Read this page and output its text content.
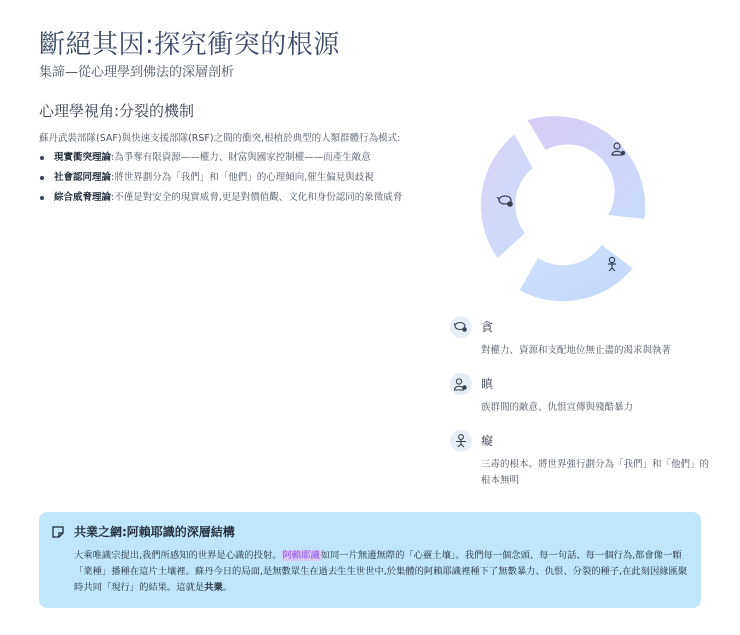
斷絕其因:探究衝突的根源
集諦—從心理學到佛法的深層剖析
心理學視角:分裂的機制
蘇丹武裝部隊(SAF)與快速支援部隊(RSF)之間的衝突,根植於典型的人類群體行為模式:
現實衝突理論:為爭奪有限資源——權力、財富與國家控制權——而產生敵意
社會認同理論:將世界劃分為「我們」和「他們」的心理傾向,催生偏見與歧視
綜合威脅理論:不僅是對安全的現實威脅,更是對價值觀、文化和身份認同的象徵威脅
貪
對權力、資源和支配地位無止盡的渴求與執著
瞋
族群間的敵意、仇恨宣傳與殘酷暴力
癡
三毒的根本。將世界強行劃分為「我們」和「他們」的根本無明
共業之網:阿賴耶識的深層結構
大乘唯識宗提出,我們所感知的世界是心識的投射。阿賴耶識如同一片無邊無際的「心靈土壤」。我們每一個念頭、每一句話、每一個行為,都會像一顆「業種」播種在這片土壤裡。蘇丹今日的局面,是無數眾生在過去生生世世中,於集體的阿賴耶識裡種下了無數暴力、仇恨、分裂的種子,在此刻因緣匯聚時共同「現行」的結果。這就是共業。
